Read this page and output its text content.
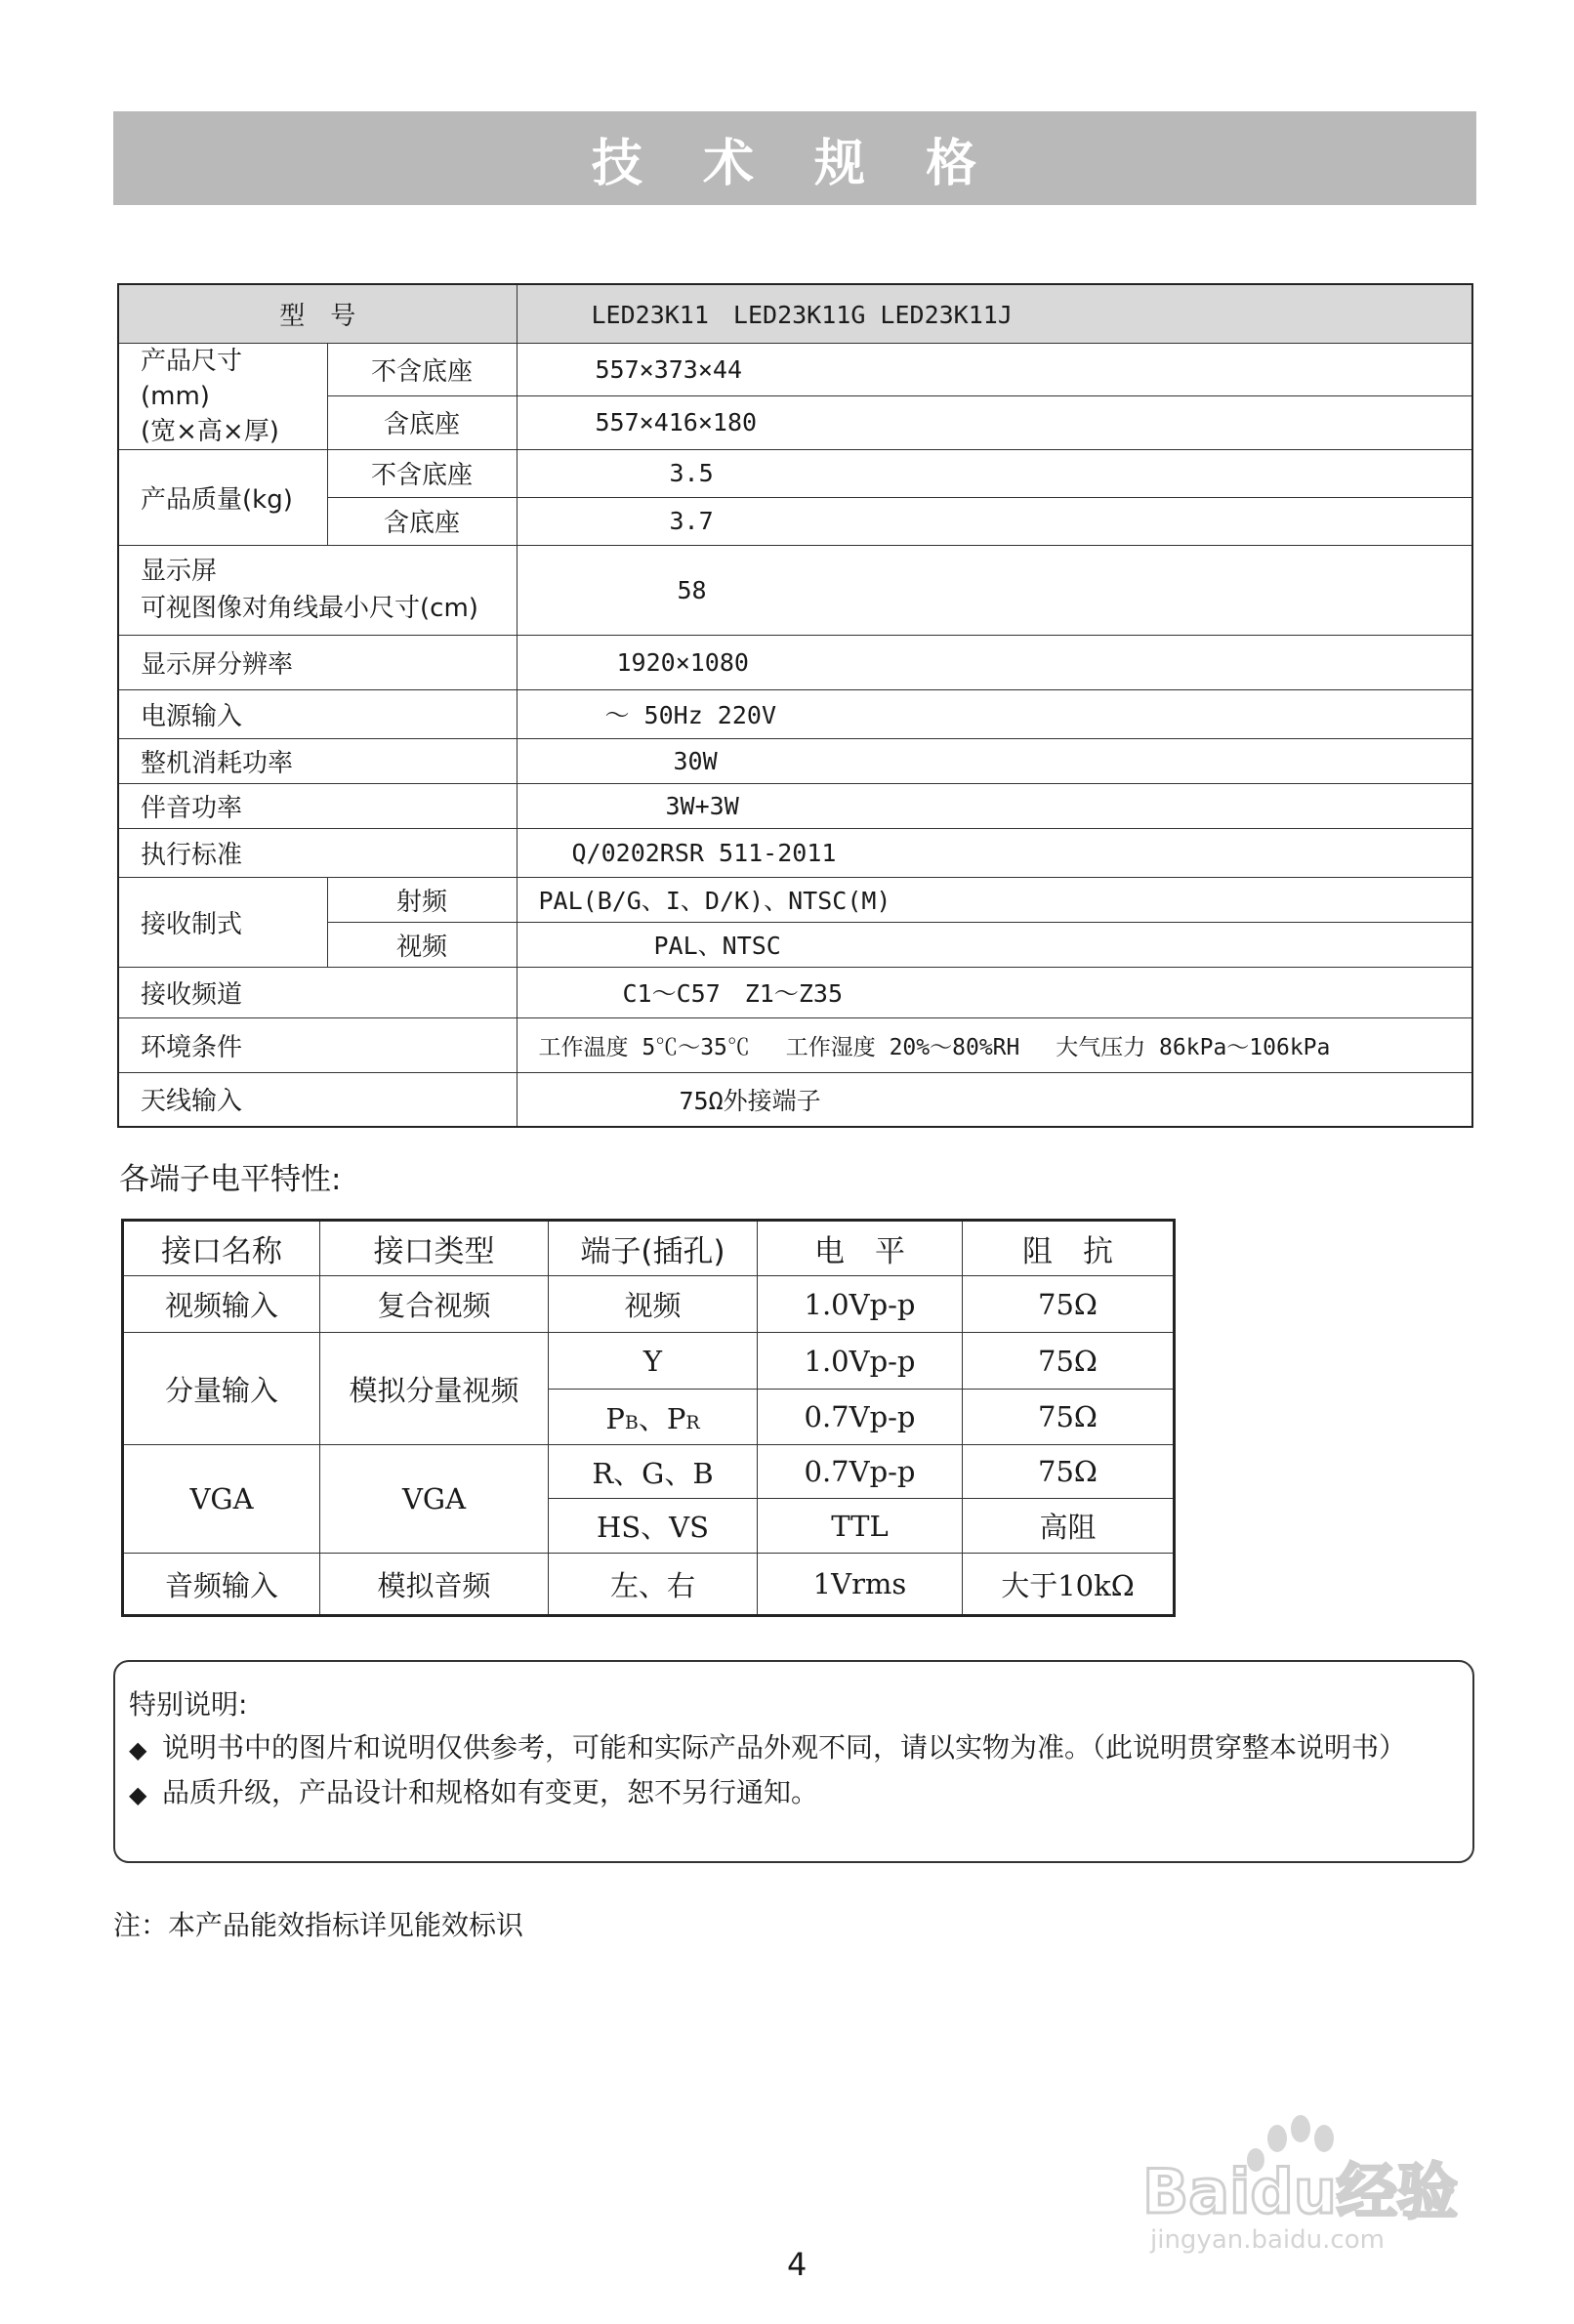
技 术 规 格
型　号		LED23K11　LED23K11G LED23K11J
产品尺寸(mm)
(宽×高×厚)	不含底座	557×373×44
	含底座	557×416×180
产品质量(kg)	不含底座	3.5
	含底座	3.7
显示屏
可视图像对角线最小尺寸(cm)		58
显示屏分辨率		1920×1080
电源输入		～ 50Hz 220V
整机消耗功率		30W
伴音功率		3W+3W
执行标准		Q/0202RSR 511-2011
接收制式	射频	PAL(B/G、I、D/K)、NTSC(M)
	视频	PAL、NTSC
接收频道		C1～C57　Z1～Z35
环境条件		工作温度 5℃～35℃　 工作湿度 20%～80%RH　 大气压力 86kPa～106kPa
天线输入		75Ω外接端子
各端子电平特性:
接口名称	接口类型	端子(插孔)	电　平	阻　抗
视频输入	复合视频	视频	1.0Vp-p	75Ω
分量输入	模拟分量视频	Y	1.0Vp-p	75Ω
		PB、PR	0.7Vp-p	75Ω
VGA	VGA	R、G、B	0.7Vp-p	75Ω
		HS、VS	TTL	高阻
音频输入	模拟音频	左、右	1Vrms	大于10kΩ
特别说明:
◆ 说明书中的图片和说明仅供参考，可能和实际产品外观不同，请以实物为准。（此说明贯穿整本说明书）
◆ 品质升级，产品设计和规格如有变更，恕不另行通知。
注：本产品能效指标详见能效标识
4
Baidu经验
jingyan.baidu.com
